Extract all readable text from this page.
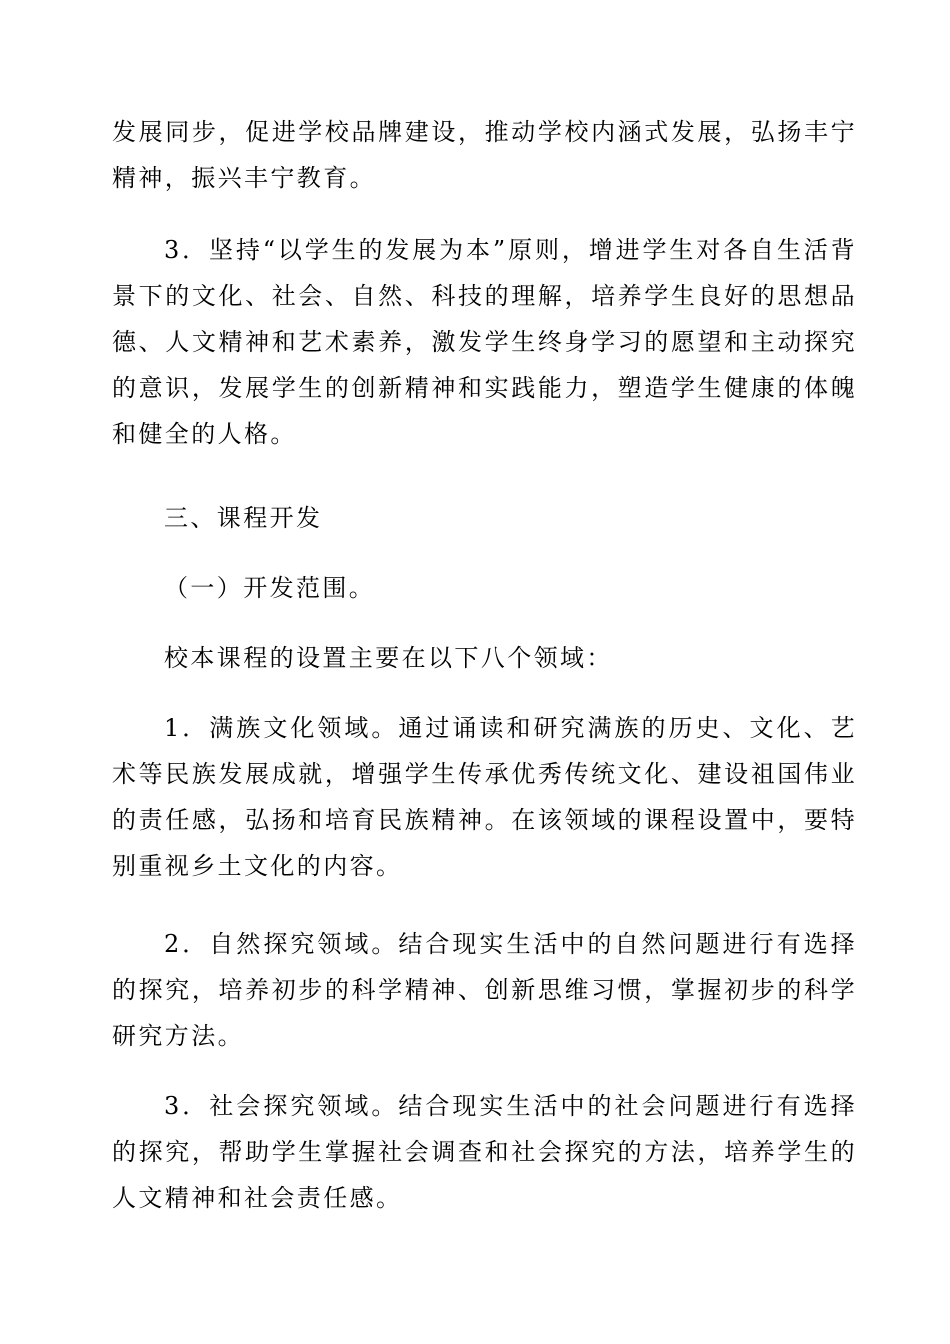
发展同步，促进学校品牌建设，推动学校内涵式发展，弘扬丰宁精神，振兴丰宁教育。

3．坚持“以学生的发展为本”原则，增进学生对各自生活背景下的文化、社会、自然、科技的理解，培养学生良好的思想品德、人文精神和艺术素养，激发学生终身学习的愿望和主动探究的意识，发展学生的创新精神和实践能力，塑造学生健康的体魄和健全的人格。

三、课程开发

（一）开发范围。

校本课程的设置主要在以下八个领域：

1．满族文化领域。通过诵读和研究满族的历史、文化、艺术等民族发展成就，增强学生传承优秀传统文化、建设祖国伟业的责任感，弘扬和培育民族精神。在该领域的课程设置中，要特别重视乡土文化的内容。

2．自然探究领域。结合现实生活中的自然问题进行有选择的探究，培养初步的科学精神、创新思维习惯，掌握初步的科学研究方法。

3．社会探究领域。结合现实生活中的社会问题进行有选择的探究，帮助学生掌握社会调查和社会探究的方法，培养学生的人文精神和社会责任感。
